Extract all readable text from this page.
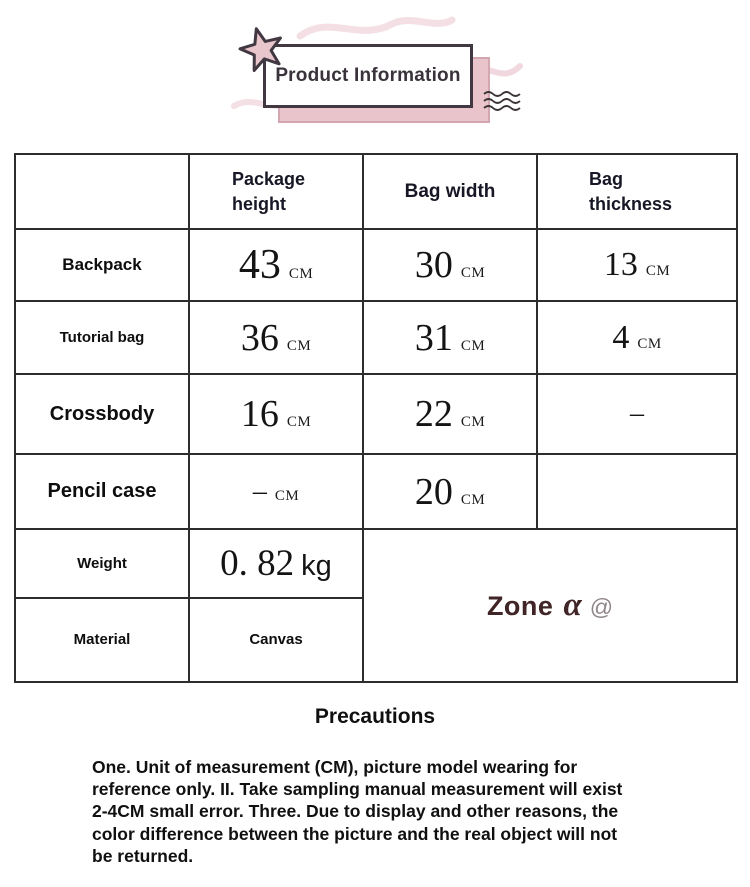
Product Information
	Package height	Bag width	Bag thickness
Backpack	43 CM	30 CM	13 CM
Tutorial bag	36 CM	31 CM	4 CM
Crossbody	16 CM	22 CM	–
Pencil case	– CM	20 CM	
Weight	0. 82 kg	Zone α @	
Material	Canvas		
Precautions

One. Unit of measurement (CM), picture model wearing for reference only. II. Take sampling manual measurement will exist 2-4CM small error. Three. Due to display and other reasons, the color difference between the picture and the real object will not be returned.
